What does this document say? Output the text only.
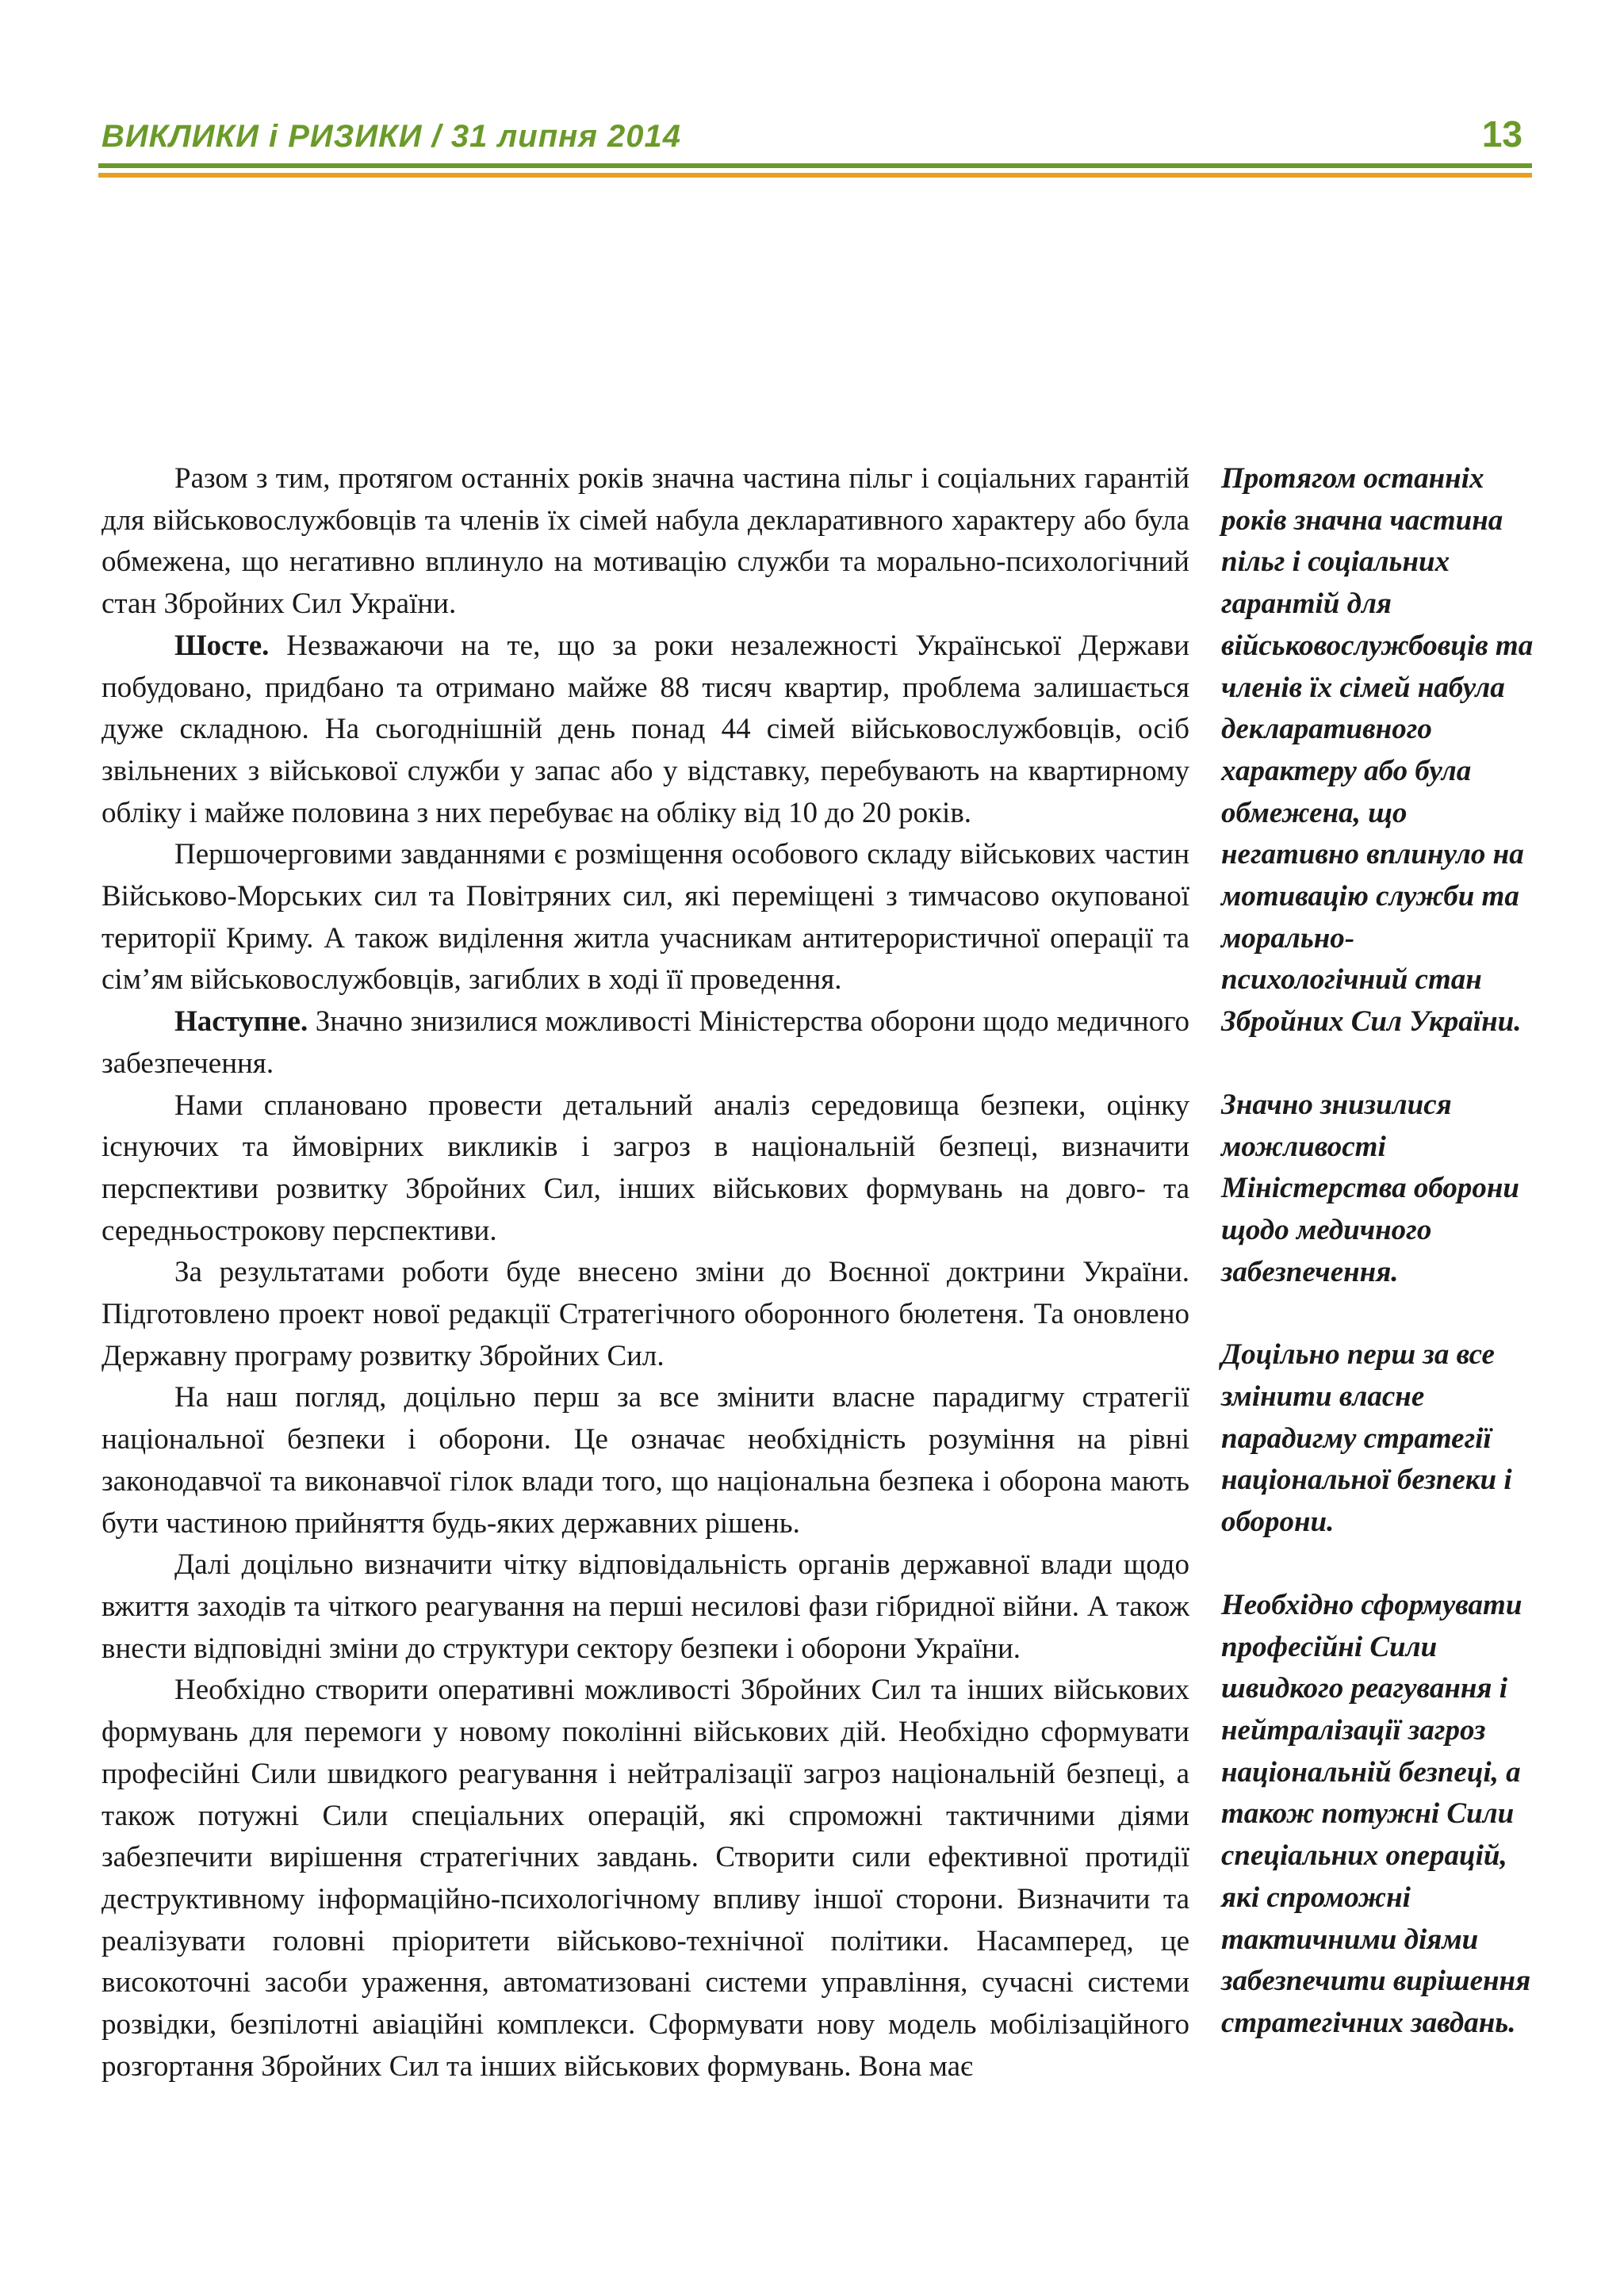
ВИКЛИКИ і РИЗИКИ / 31 липня 2014	13

Разом з тим, протягом останніх років значна частина пільг і соціальних гарантій для військовослужбовців та членів їх сімей набула декларативного характеру або була обмежена, що негативно вплинуло на мотивацію служби та морально-психологічний стан Збройних Сил України.

Шосте. Незважаючи на те, що за роки незалежності Української Держави побудовано, придбано та отримано майже 88 тисяч квартир, проблема залишається дуже складною. На сьогоднішній день понад 44 сімей військовослужбовців, осіб звільнених з військової служби у запас або у відставку, перебувають на квартирному обліку і майже половина з них перебуває на обліку від 10 до 20 років.

Першочерговими завданнями є розміщення особового складу військових частин Військово-Морських сил та Повітряних сил, які переміщені з тимчасово окупованої території Криму. А також виділення житла учасникам антитерористичної операції та сім’ям військовослужбовців, загиблих в ході її проведення.

Наступне. Значно знизилися можливості Міністерства оборони щодо медичного забезпечення.

Нами сплановано провести детальний аналіз середовища безпеки, оцінку існуючих та ймовірних викликів і загроз в національній безпеці, визначити перспективи розвитку Збройних Сил, інших військових формувань на довго- та середньострокову перспективи.

За результатами роботи буде внесено зміни до Воєнної доктрини України. Підготовлено проект нової редакції Стратегічного оборонного бюлетеня. Та оновлено Державну програму розвитку Збройних Сил.

На наш погляд, доцільно перш за все змінити власне парадигму стратегії національної безпеки і оборони. Це означає необхідність розуміння на рівні законодавчої та виконавчої гілок влади того, що національна безпека і оборона мають бути частиною прийняття будь-яких державних рішень.

Далі доцільно визначити чітку відповідальність органів державної влади щодо вжиття заходів та чіткого реагування на перші несилові фази гібридної війни. А також внести відповідні зміни до структури сектору безпеки і оборони України.

Необхідно створити оперативні можливості Збройних Сил та інших військових формувань для перемоги у новому поколінні військових дій. Необхідно сформувати професійні Сили швидкого реагування і нейтралізації загроз національній безпеці, а також потужні Сили спеціальних операцій, які спроможні тактичними діями забезпечити вирішення стратегічних завдань. Створити сили ефективної протидії деструктивному інформаційно-психологічному впливу іншої сторони. Визначити та реалізувати головні пріоритети військово-технічної політики. Насамперед, це високоточні засоби ураження, автоматизовані системи управління, сучасні системи розвідки, безпілотні авіаційні комплекси. Сформувати нову модель мобілізаційного розгортання Збройних Сил та інших військових формувань. Вона має

Протягом останніх років значна частина пільг і соціальних гарантій для військовослужбовців та членів їх сімей набула декларативного характеру або була обмежена, що негативно вплинуло на мотивацію служби та морально-психологічний стан Збройних Сил України.

Значно знизилися можливості Міністерства оборони щодо медичного забезпечення.

Доцільно перш за все змінити власне парадигму стратегії національної безпеки і оборони.

Необхідно сформувати професійні Сили швидкого реагування і нейтралізації загроз національній безпеці, а також потужні Сили спеціальних операцій, які спроможні тактичними діями забезпечити вирішення стратегічних завдань.
